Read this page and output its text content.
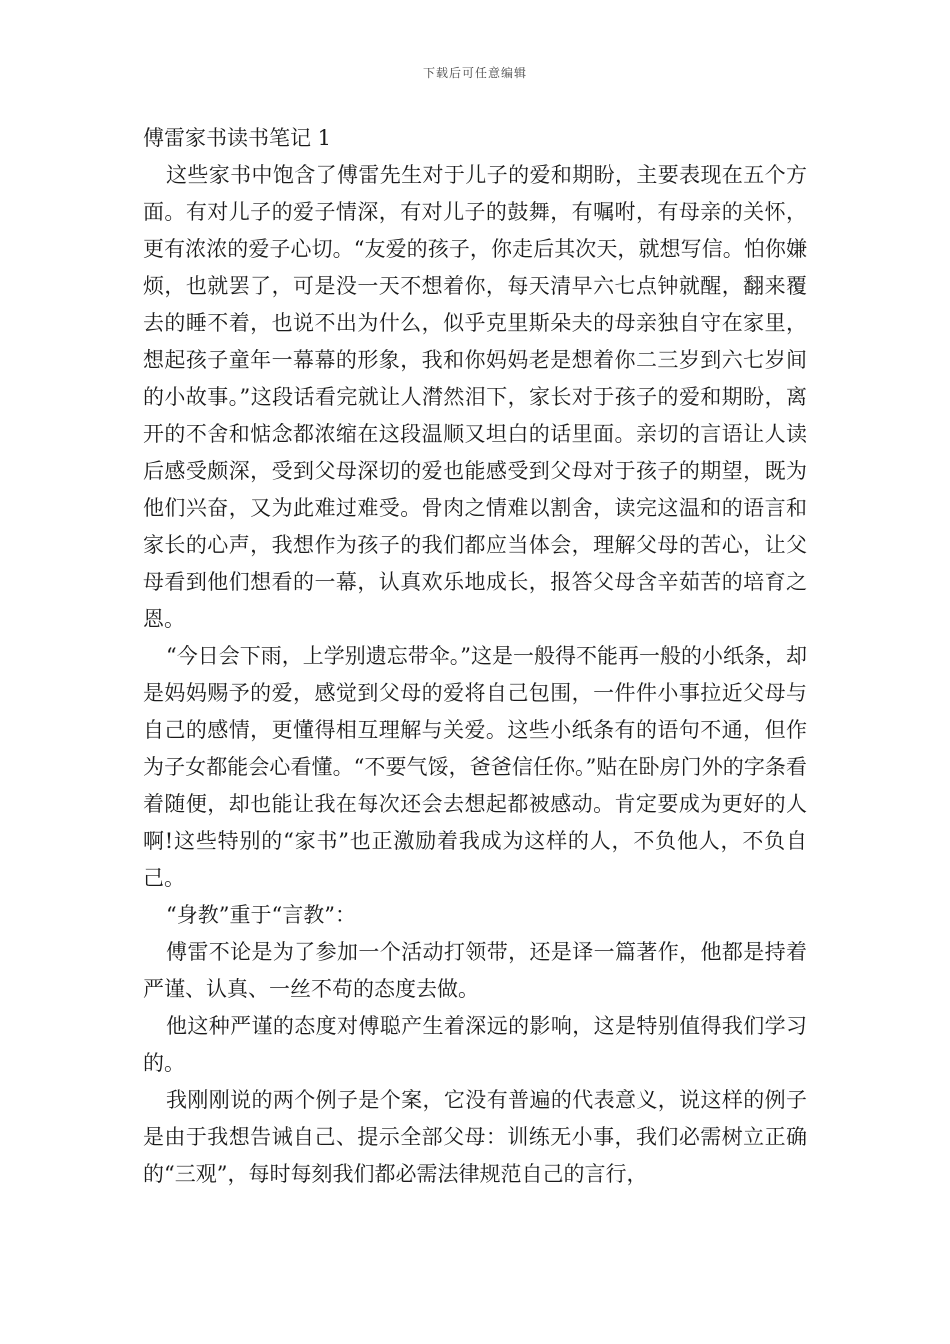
下载后可任意编辑
傅雷家书读书笔记 1

这些家书中饱含了傅雷先生对于儿子的爱和期盼，主要表现在五个方面。有对儿子的爱子情深，有对儿子的鼓舞，有嘱咐，有母亲的关怀，更有浓浓的爱子心切。“友爱的孩子，你走后其次天，就想写信。怕你嫌烦，也就罢了，可是没一天不想着你，每天清早六七点钟就醒，翻来覆去的睡不着，也说不出为什么，似乎克里斯朵夫的母亲独自守在家里，想起孩子童年一幕幕的形象，我和你妈妈老是想着你二三岁到六七岁间的小故事。”这段话看完就让人潸然泪下，家长对于孩子的爱和期盼，离开的不舍和惦念都浓缩在这段温顺又坦白的话里面。亲切的言语让人读后感受颇深，受到父母深切的爱也能感受到父母对于孩子的期望，既为他们兴奋，又为此难过难受。骨肉之情难以割舍，读完这温和的语言和家长的心声，我想作为孩子的我们都应当体会，理解父母的苦心，让父母看到他们想看的一幕，认真欢乐地成长，报答父母含辛茹苦的培育之恩。

“今日会下雨，上学别遗忘带伞。”这是一般得不能再一般的小纸条，却是妈妈赐予的爱，感觉到父母的爱将自己包围，一件件小事拉近父母与自己的感情，更懂得相互理解与关爱。这些小纸条有的语句不通，但作为子女都能会心看懂。“不要气馁，爸爸信任你。”贴在卧房门外的字条看着随便，却也能让我在每次还会去想起都被感动。肯定要成为更好的人啊!这些特别的“家书”也正激励着我成为这样的人，不负他人，不负自己。

“身教”重于“言教”：

傅雷不论是为了参加一个活动打领带，还是译一篇著作，他都是持着严谨、认真、一丝不苟的态度去做。

他这种严谨的态度对傅聪产生着深远的影响，这是特别值得我们学习的。

我刚刚说的两个例子是个案，它没有普遍的代表意义，说这样的例子是由于我想告诫自己、提示全部父母：训练无小事，我们必需树立正确的“三观”，每时每刻我们都必需法律规范自己的言行，
